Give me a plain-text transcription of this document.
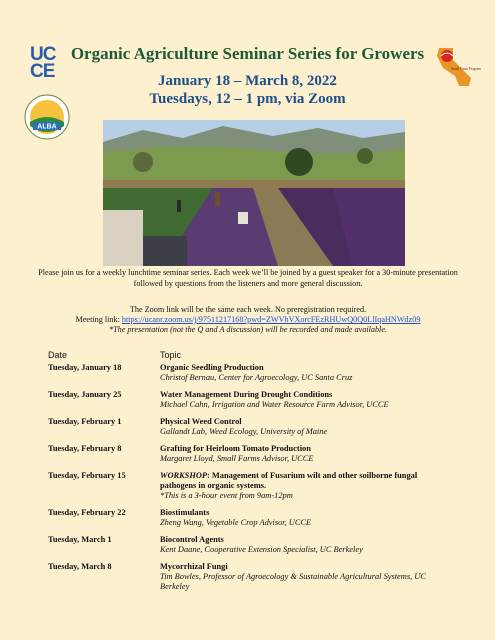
UC
CE
ALBA
Small Farm Program
Organic Agriculture Seminar Series for Growers
January 18 – March 8, 2022
Tuesdays, 12 – 1 pm, via Zoom
Please join us for a weekly lunchtime seminar series. Each week we’ll be joined by a guest speaker for a 30-minute presentation followed by questions from the listeners and more general discussion.
The Zoom link will be the same each week. No preregistration required.
Meeting link: https://ucanr.zoom.us/j/97511217168?pwd=ZWVhVXorcFEzRHUwQ0Q0LlIqaHNWdz09
*The presentation (not the Q and A discussion) will be recorded and made available.
Date	Topic
Tuesday, January 18	Organic Seedling Production
Christof Bernau, Center for Agroecology, UC Santa Cruz
Tuesday, January 25	Water Management During Drought Conditions
Michael Cahn, Irrigation and Water Resource Farm Advisor, UCCE
Tuesday, February 1	Physical Weed Control
Gallandt Lab, Weed Ecology, University of Maine
Tuesday, February 8	Grafting for Heirloom Tomato Production
Margaret Lloyd, Small Farms Advisor, UCCE
Tuesday, February 15	WORKSHOP: Management of Fusarium wilt and other soilborne fungal pathogens in organic systems.
*This is a 3-hour event from 9am-12pm
Tuesday, February 22	Biostimulants
Zheng Wang, Vegetable Crop Advisor, UCCE
Tuesday, March 1	Biocontrol Agents
Kent Daane, Cooperative Extension Specialist, UC Berkeley
Tuesday, March 8	Mycorrhizal Fungi
Tim Bowles, Professor of Agroecology & Sustainable Agricultural Systems, UC Berkeley
